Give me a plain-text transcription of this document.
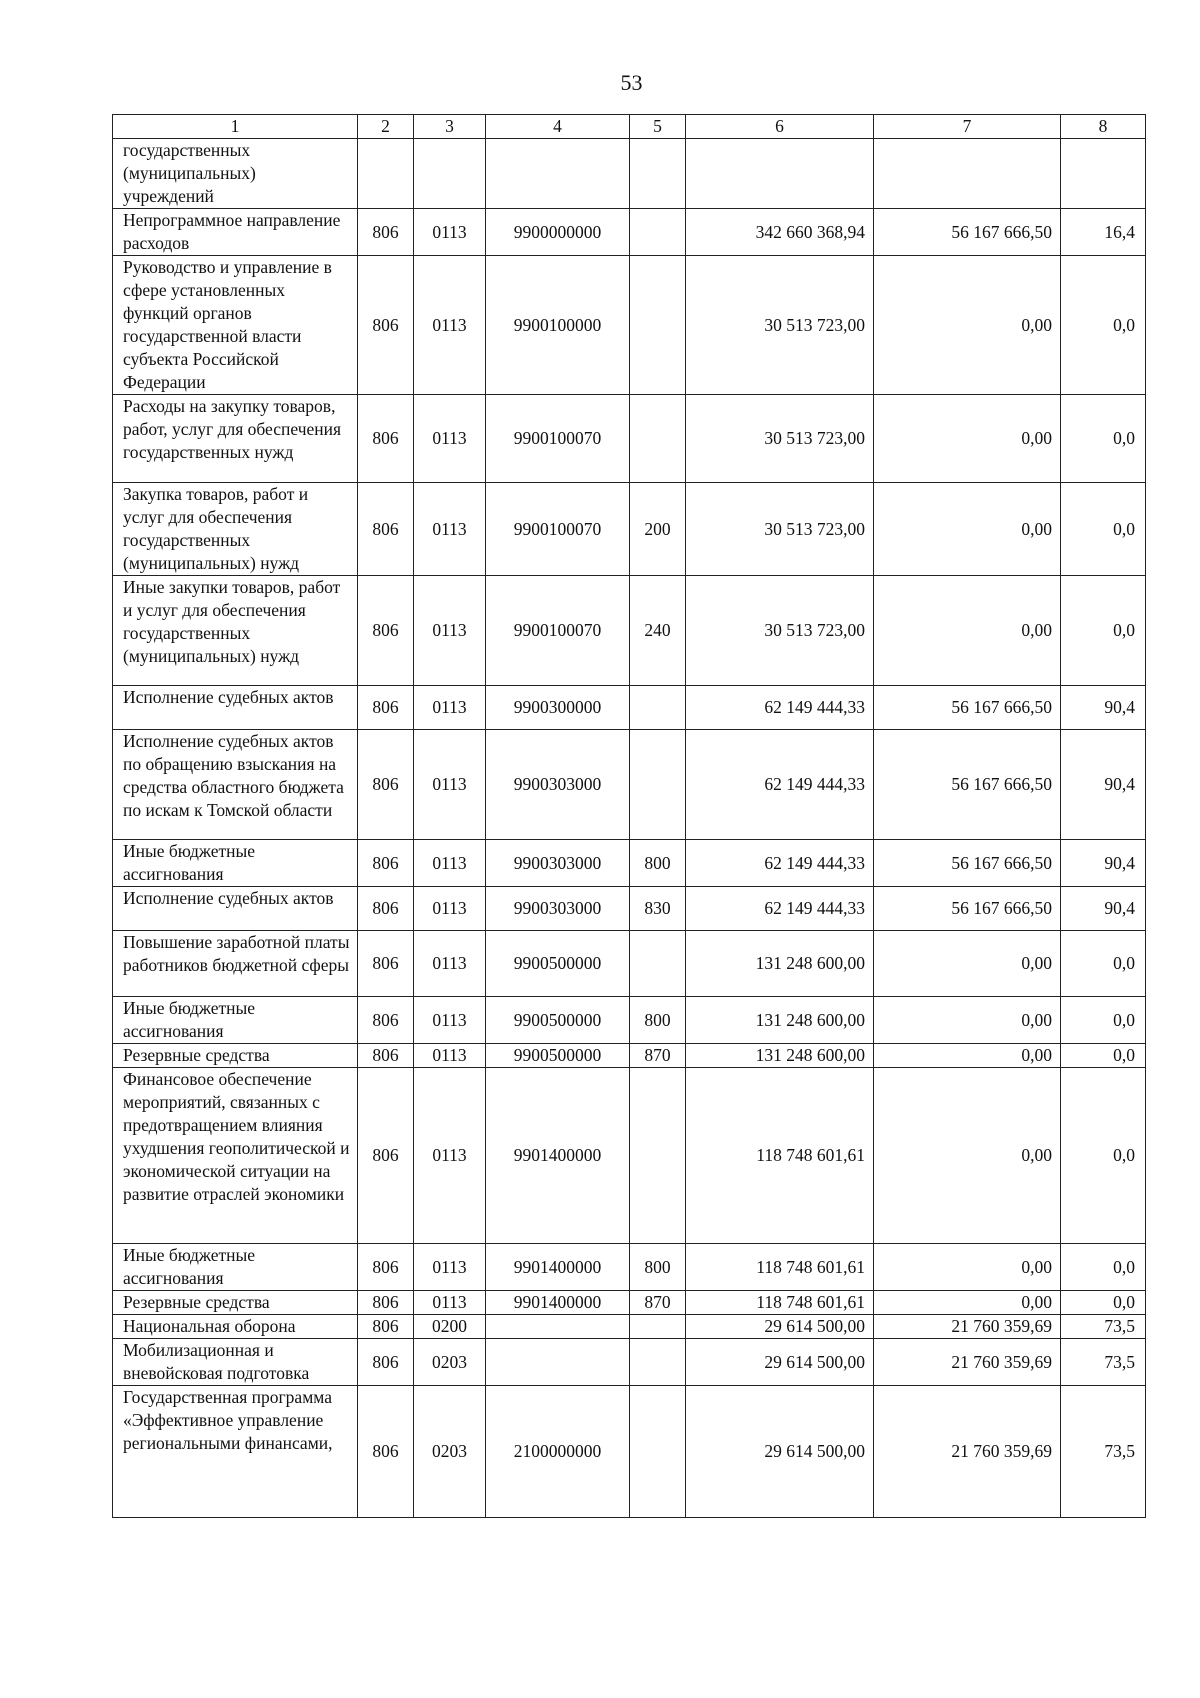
53
1	2	3	4	5	6	7	8
государственных (муниципальных) учреждений							
Непрограммное направление расходов	806	0113	9900000000		342 660 368,94	56 167 666,50	16,4
Руководство и управление в сфере установленных функций органов государственной власти субъекта Российской Федерации	806	0113	9900100000		30 513 723,00	0,00	0,0
Расходы на закупку товаров, работ, услуг для обеспечения государственных нужд	806	0113	9900100070		30 513 723,00	0,00	0,0
Закупка товаров, работ и услуг для обеспечения государственных (муниципальных) нужд	806	0113	9900100070	200	30 513 723,00	0,00	0,0
Иные закупки товаров, работ и услуг для обеспечения государственных (муниципальных) нужд	806	0113	9900100070	240	30 513 723,00	0,00	0,0
Исполнение судебных актов	806	0113	9900300000		62 149 444,33	56 167 666,50	90,4
Исполнение судебных актов по обращению взыскания на средства областного бюджета по искам к Томской области	806	0113	9900303000		62 149 444,33	56 167 666,50	90,4
Иные бюджетные ассигнования	806	0113	9900303000	800	62 149 444,33	56 167 666,50	90,4
Исполнение судебных актов	806	0113	9900303000	830	62 149 444,33	56 167 666,50	90,4
Повышение заработной платы работников бюджетной сферы	806	0113	9900500000		131 248 600,00	0,00	0,0
Иные бюджетные ассигнования	806	0113	9900500000	800	131 248 600,00	0,00	0,0
Резервные средства	806	0113	9900500000	870	131 248 600,00	0,00	0,0
Финансовое обеспечение мероприятий, связанных с предотвращением влияния ухудшения геополитической и экономической ситуации на развитие отраслей экономики	806	0113	9901400000		118 748 601,61	0,00	0,0
Иные бюджетные ассигнования	806	0113	9901400000	800	118 748 601,61	0,00	0,0
Резервные средства	806	0113	9901400000	870	118 748 601,61	0,00	0,0
Национальная оборона	806	0200			29 614 500,00	21 760 359,69	73,5
Мобилизационная и вневойсковая подготовка	806	0203			29 614 500,00	21 760 359,69	73,5
Государственная программа «Эффективное управление региональными финансами,	806	0203	2100000000		29 614 500,00	21 760 359,69	73,5
